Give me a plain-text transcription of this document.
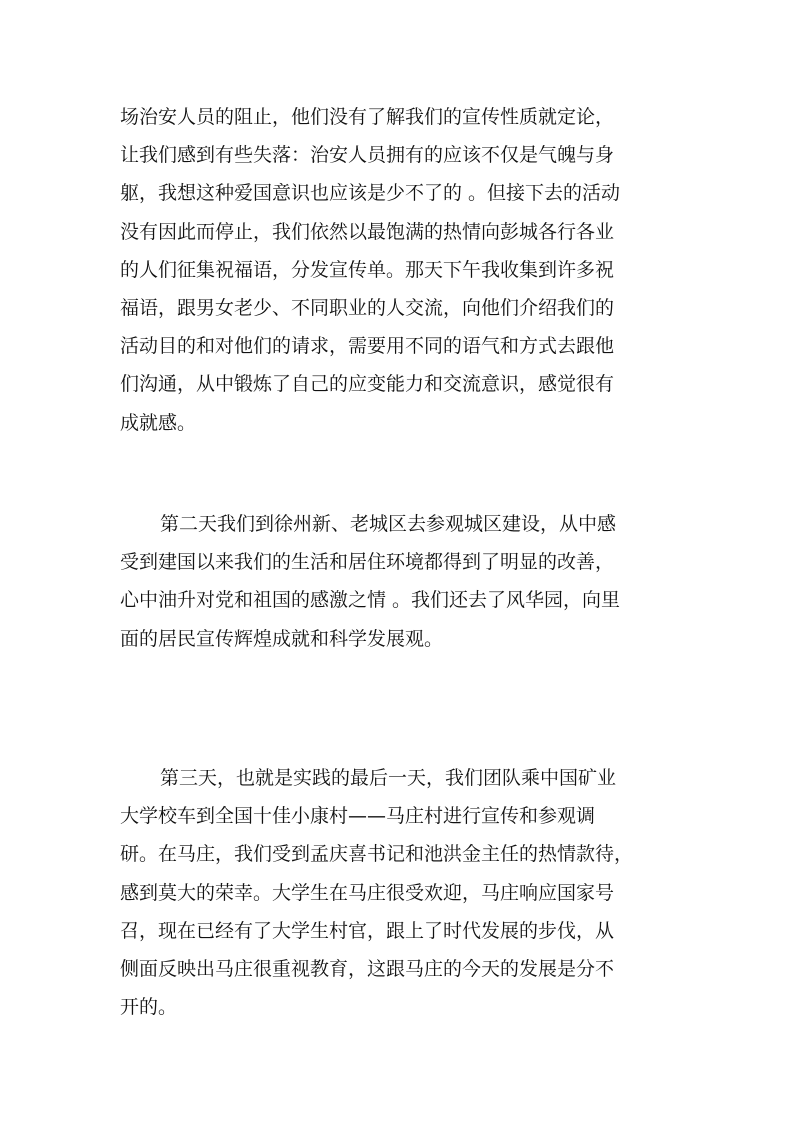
场治安人员的阻止，他们没有了解我们的宣传性质就定论，
让我们感到有些失落：治安人员拥有的应该不仅是气魄与身
躯，我想这种爱国意识也应该是少不了的 。但接下去的活动
没有因此而停止，我们依然以最饱满的热情向彭城各行各业
的人们征集祝福语，分发宣传单。那天下午我收集到许多祝
福语，跟男女老少、不同职业的人交流，向他们介绍我们的
活动目的和对他们的请求，需要用不同的语气和方式去跟他
们沟通，从中锻炼了自己的应变能力和交流意识，感觉很有
成就感。
第二天我们到徐州新、老城区去参观城区建设，从中感
受到建国以来我们的生活和居住环境都得到了明显的改善，
心中油升对党和祖国的感激之情 。我们还去了风华园，向里
面的居民宣传辉煌成就和科学发展观。
第三天，也就是实践的最后一天，我们团队乘中国矿业
大学校车到全国十佳小康村——马庄村进行宣传和参观调
研。在马庄，我们受到孟庆喜书记和池洪金主任的热情款待，
感到莫大的荣幸。大学生在马庄很受欢迎，马庄响应国家号
召，现在已经有了大学生村官，跟上了时代发展的步伐，从
侧面反映出马庄很重视教育，这跟马庄的今天的发展是分不
开的。
